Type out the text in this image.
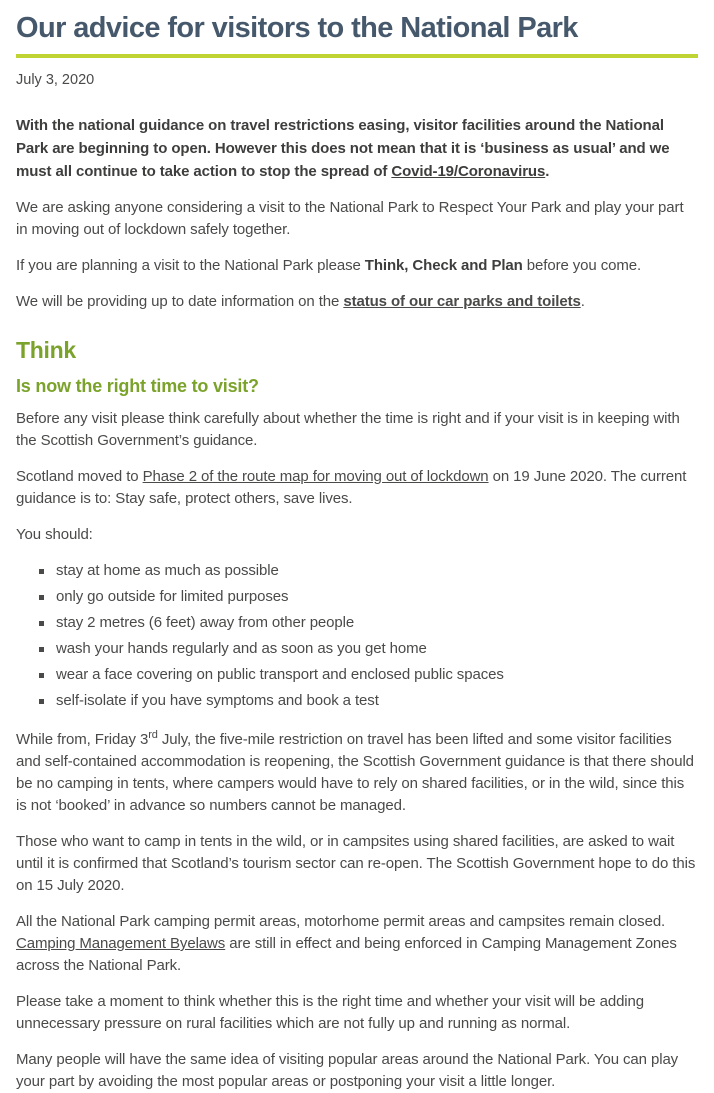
Our advice for visitors to the National Park
July 3, 2020

With the national guidance on travel restrictions easing, visitor facilities around the National Park are beginning to open. However this does not mean that it is ‘business as usual’ and we must all continue to take action to stop the spread of Covid-19/Coronavirus.

We are asking anyone considering a visit to the National Park to Respect Your Park and play your part in moving out of lockdown safely together.

If you are planning a visit to the National Park please Think, Check and Plan before you come.

We will be providing up to date information on the status of our car parks and toilets.

Think
Is now the right time to visit?

Before any visit please think carefully about whether the time is right and if your visit is in keeping with the Scottish Government’s guidance.

Scotland moved to Phase 2 of the route map for moving out of lockdown on 19 June 2020. The current guidance is to: Stay safe, protect others, save lives.

You should:

stay at home as much as possible
only go outside for limited purposes
stay 2 metres (6 feet) away from other people
wash your hands regularly and as soon as you get home
wear a face covering on public transport and enclosed public spaces
self-isolate if you have symptoms and book a test

While from, Friday 3rd July, the five-mile restriction on travel has been lifted and some visitor facilities and self-contained accommodation is reopening, the Scottish Government guidance is that there should be no camping in tents, where campers would have to rely on shared facilities, or in the wild, since this is not ‘booked’ in advance so numbers cannot be managed.

Those who want to camp in tents in the wild, or in campsites using shared facilities, are asked to wait until it is confirmed that Scotland’s tourism sector can re-open. The Scottish Government hope to do this on 15 July 2020.

All the National Park camping permit areas, motorhome permit areas and campsites remain closed. Camping Management Byelaws are still in effect and being enforced in Camping Management Zones across the National Park.

Please take a moment to think whether this is the right time and whether your visit will be adding unnecessary pressure on rural facilities which are not fully up and running as normal.

Many people will have the same idea of visiting popular areas around the National Park. You can play your part by avoiding the most popular areas or postponing your visit a little longer.
